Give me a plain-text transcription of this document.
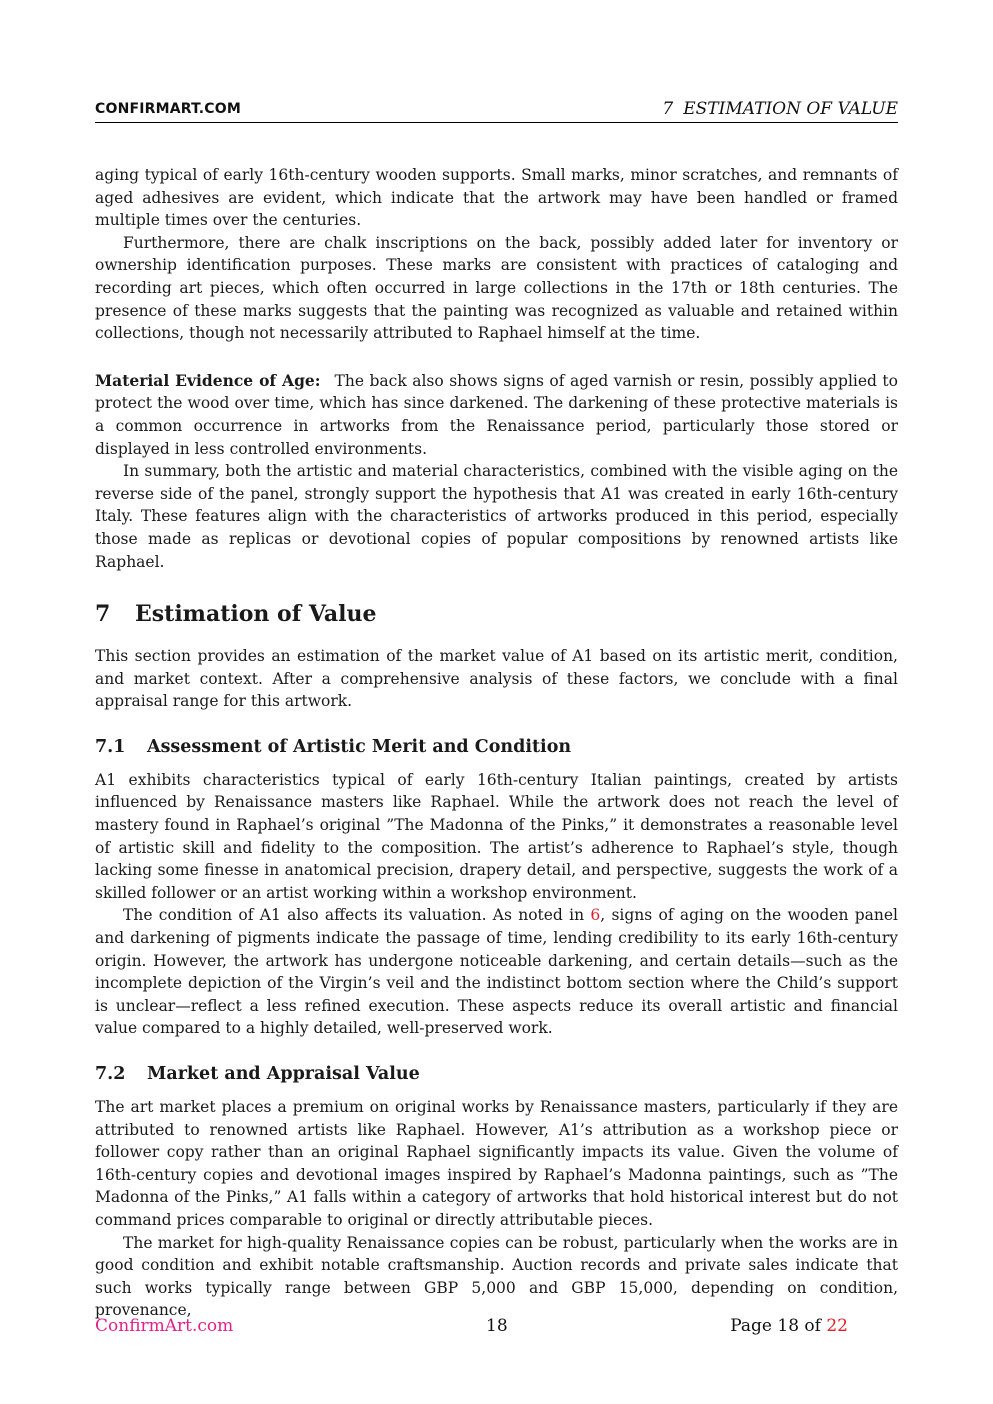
CONFIRMART.COM	7 ESTIMATION OF VALUE

aging typical of early 16th-century wooden supports. Small marks, minor scratches, and remnants of aged adhesives are evident, which indicate that the artwork may have been handled or framed multiple times over the centuries.

Furthermore, there are chalk inscriptions on the back, possibly added later for inventory or ownership identification purposes. These marks are consistent with practices of cataloging and recording art pieces, which often occurred in large collections in the 17th or 18th centuries. The presence of these marks suggests that the painting was recognized as valuable and retained within collections, though not necessarily attributed to Raphael himself at the time.

Material Evidence of Age: The back also shows signs of aged varnish or resin, possibly applied to protect the wood over time, which has since darkened. The darkening of these protective materials is a common occurrence in artworks from the Renaissance period, particularly those stored or displayed in less controlled environments.

In summary, both the artistic and material characteristics, combined with the visible aging on the reverse side of the panel, strongly support the hypothesis that A1 was created in early 16th-century Italy. These features align with the characteristics of artworks produced in this period, especially those made as replicas or devotional copies of popular compositions by renowned artists like Raphael.

7 Estimation of Value

This section provides an estimation of the market value of A1 based on its artistic merit, condition, and market context. After a comprehensive analysis of these factors, we conclude with a final appraisal range for this artwork.

7.1 Assessment of Artistic Merit and Condition

A1 exhibits characteristics typical of early 16th-century Italian paintings, created by artists influenced by Renaissance masters like Raphael. While the artwork does not reach the level of mastery found in Raphael’s original ”The Madonna of the Pinks,” it demonstrates a reasonable level of artistic skill and fidelity to the composition. The artist’s adherence to Raphael’s style, though lacking some finesse in anatomical precision, drapery detail, and perspective, suggests the work of a skilled follower or an artist working within a workshop environment.

The condition of A1 also affects its valuation. As noted in 6, signs of aging on the wooden panel and darkening of pigments indicate the passage of time, lending credibility to its early 16th-century origin. However, the artwork has undergone noticeable darkening, and certain details—such as the incomplete depiction of the Virgin’s veil and the indistinct bottom section where the Child’s support is unclear—reflect a less refined execution. These aspects reduce its overall artistic and financial value compared to a highly detailed, well-preserved work.

7.2 Market and Appraisal Value

The art market places a premium on original works by Renaissance masters, particularly if they are attributed to renowned artists like Raphael. However, A1’s attribution as a workshop piece or follower copy rather than an original Raphael significantly impacts its value. Given the volume of 16th-century copies and devotional images inspired by Raphael’s Madonna paintings, such as ”The Madonna of the Pinks,” A1 falls within a category of artworks that hold historical interest but do not command prices comparable to original or directly attributable pieces.

The market for high-quality Renaissance copies can be robust, particularly when the works are in good condition and exhibit notable craftsmanship. Auction records and private sales indicate that such works typically range between GBP 5,000 and GBP 15,000, depending on condition, provenance,

ConfirmArt.com	18	Page 18 of 22
